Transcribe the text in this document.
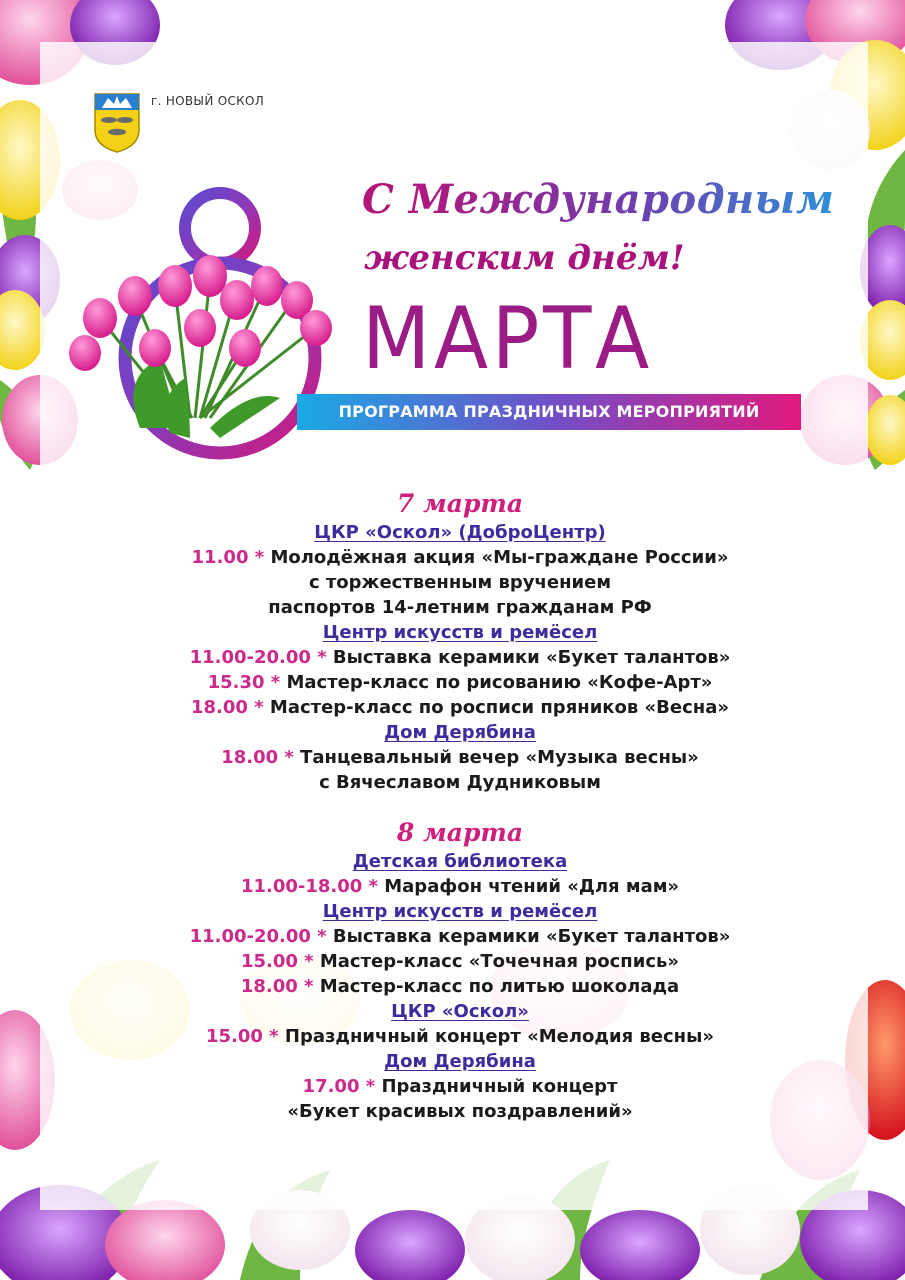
г. НОВЫЙ ОСКОЛ
С Международным
женским днём!
МАРТА
ПРОГРАММА ПРАЗДНИЧНЫХ МЕРОПРИЯТИЙ
7 марта
ЦКР «Оскол» (ДоброЦентр)
11.00 * Молодёжная акция «Мы-граждане России»
с торжественным вручением
паспортов 14-летним гражданам РФ
Центр искусств и ремёсел
11.00-20.00 * Выставка керамики «Букет талантов»
15.30 * Мастер-класс по рисованию «Кофе-Арт»
18.00 * Мастер-класс по росписи пряников «Весна»
Дом Дерябина
18.00 * Танцевальный вечер «Музыка весны»
с Вячеславом Дудниковым
8 марта
Детская библиотека
11.00-18.00 * Марафон чтений «Для мам»
Центр искусств и ремёсел
11.00-20.00 * Выставка керамики «Букет талантов»
15.00 * Мастер-класс «Точечная роспись»
18.00 * Мастер-класс по литью шоколада
ЦКР «Оскол»
15.00 * Праздничный концерт «Мелодия весны»
Дом Дерябина
17.00 * Праздничный концерт
«Букет красивых поздравлений»
